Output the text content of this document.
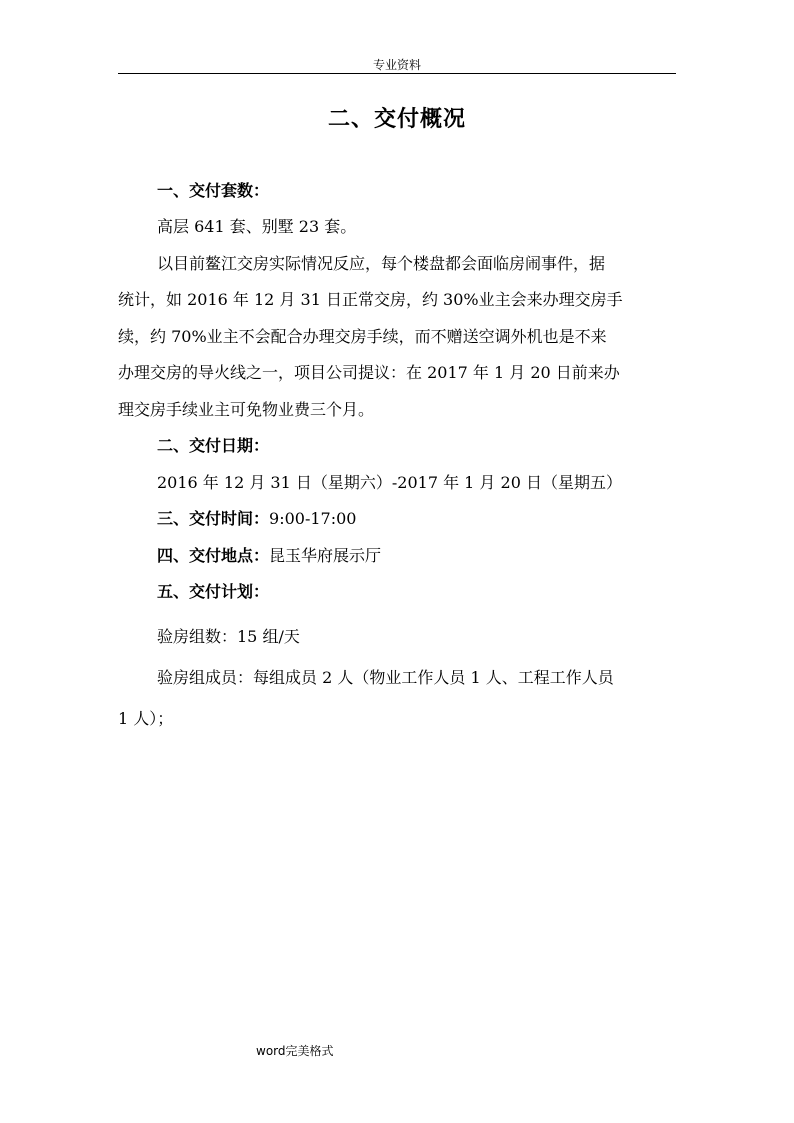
专业资料
二、交付概况
一、交付套数：
高层 641 套、别墅 23 套。
以目前鳌江交房实际情况反应，每个楼盘都会面临房闹事件，据
统计，如 2016 年 12 月 31 日正常交房，约 30%业主会来办理交房手
续，约 70%业主不会配合办理交房手续，而不赠送空调外机也是不来
办理交房的导火线之一，项目公司提议：在 2017 年 1 月 20 日前来办
理交房手续业主可免物业费三个月。
二、交付日期：
2016 年 12 月 31 日（星期六）-2017 年 1 月 20 日（星期五）
三、交付时间：9:00-17:00
四、交付地点：昆玉华府展示厅
五、交付计划：
验房组数：15 组/天
验房组成员：每组成员 2 人（物业工作人员 1 人、工程工作人员
1 人）；
word完美格式
